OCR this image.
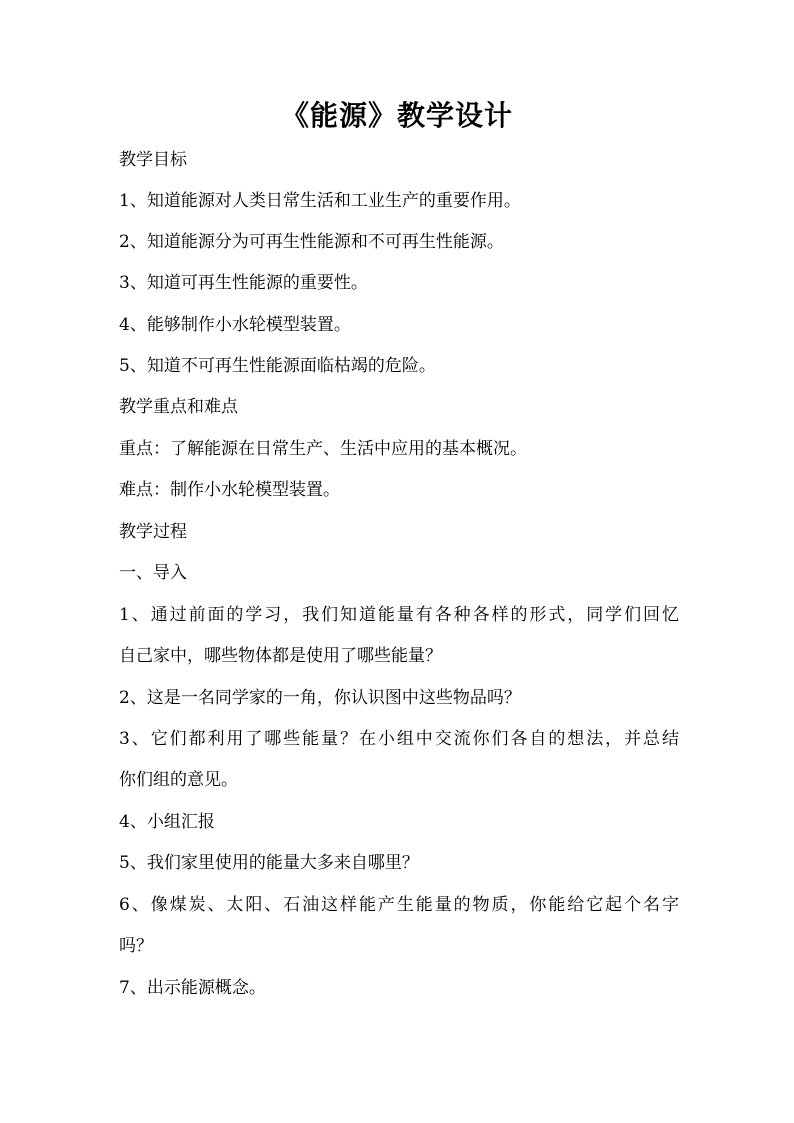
《能源》教学设计
教学目标
1、知道能源对人类日常生活和工业生产的重要作用。
2、知道能源分为可再生性能源和不可再生性能源。
3、知道可再生性能源的重要性。
4、能够制作小水轮模型装置。
5、知道不可再生性能源面临枯竭的危险。
教学重点和难点
重点：了解能源在日常生产、生活中应用的基本概况。
难点：制作小水轮模型装置。
教学过程
一、导入
1、通过前面的学习，我们知道能量有各种各样的形式，同学们回忆
自己家中，哪些物体都是使用了哪些能量？
2、这是一名同学家的一角，你认识图中这些物品吗？
3、它们都利用了哪些能量？在小组中交流你们各自的想法，并总结
你们组的意见。
4、小组汇报
5、我们家里使用的能量大多来自哪里？
6、像煤炭、太阳、石油这样能产生能量的物质，你能给它起个名字
吗？
7、出示能源概念。
